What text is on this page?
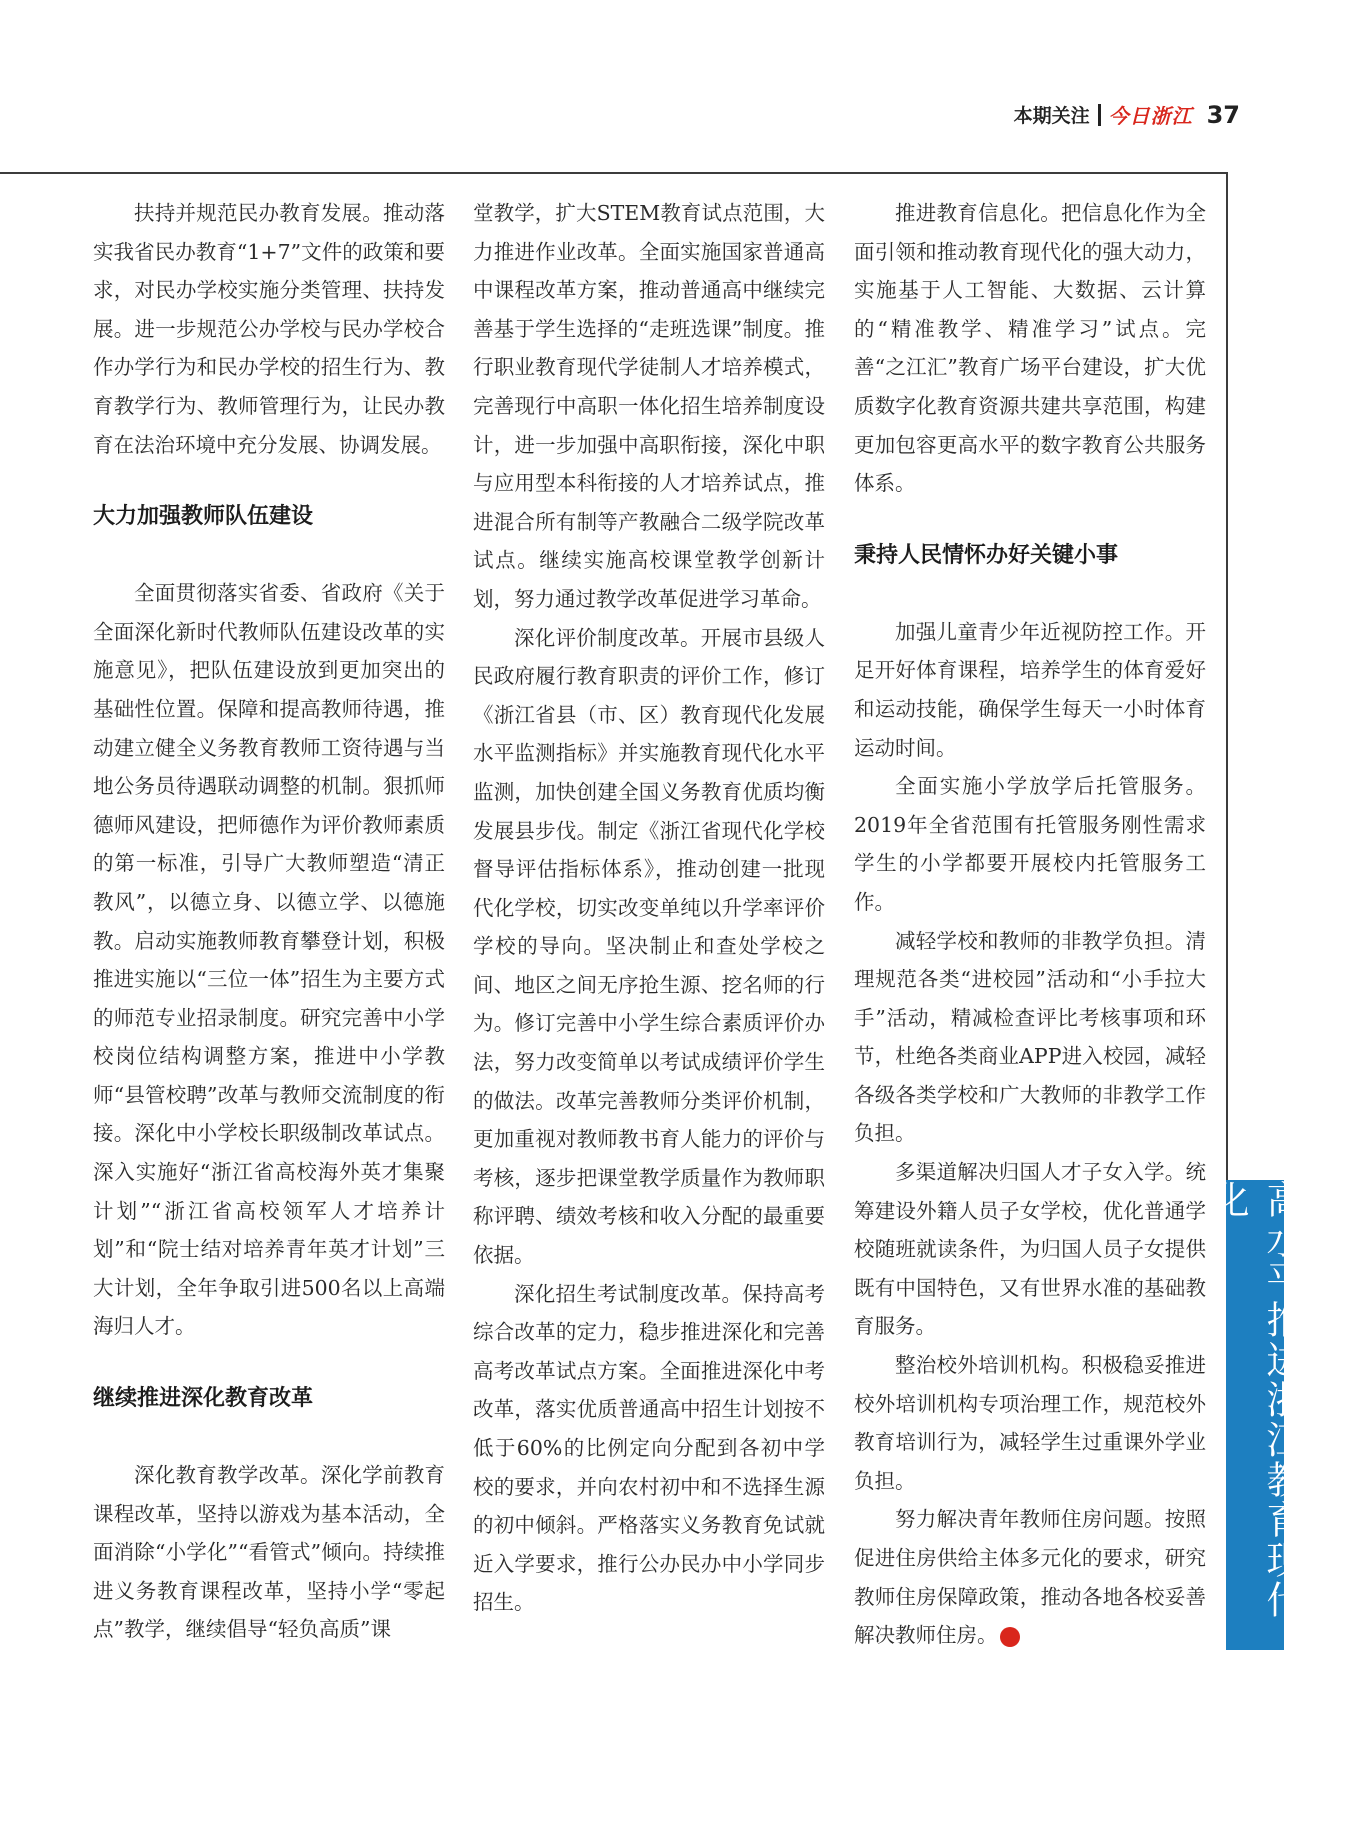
本期关注 今日浙江 37

扶持并规范民办教育发展。推动落实我省民办教育“1+7”文件的政策和要求，对民办学校实施分类管理、扶持发展。进一步规范公办学校与民办学校合作办学行为和民办学校的招生行为、教育教学行为、教师管理行为，让民办教育在法治环境中充分发展、协调发展。

大力加强教师队伍建设

全面贯彻落实省委、省政府《关于全面深化新时代教师队伍建设改革的实施意见》，把队伍建设放到更加突出的基础性位置。保障和提高教师待遇，推动建立健全义务教育教师工资待遇与当地公务员待遇联动调整的机制。狠抓师德师风建设，把师德作为评价教师素质的第一标准，引导广大教师塑造“清正教风”，以德立身、以德立学、以德施教。启动实施教师教育攀登计划，积极推进实施以“三位一体”招生为主要方式的师范专业招录制度。研究完善中小学校岗位结构调整方案，推进中小学教师“县管校聘”改革与教师交流制度的衔接。深化中小学校长职级制改革试点。深入实施好“浙江省高校海外英才集聚计划”“浙江省高校领军人才培养计划”和“院士结对培养青年英才计划”三大计划，全年争取引进500名以上高端海归人才。

继续推进深化教育改革

深化教育教学改革。深化学前教育课程改革，坚持以游戏为基本活动，全面消除“小学化”“看管式”倾向。持续推进义务教育课程改革，坚持小学“零起点”教学，继续倡导“轻负高质”课

堂教学，扩大STEM教育试点范围，大力推进作业改革。全面实施国家普通高中课程改革方案，推动普通高中继续完善基于学生选择的“走班选课”制度。推行职业教育现代学徒制人才培养模式，完善现行中高职一体化招生培养制度设计，进一步加强中高职衔接，深化中职与应用型本科衔接的人才培养试点，推进混合所有制等产教融合二级学院改革试点。继续实施高校课堂教学创新计划，努力通过教学改革促进学习革命。

深化评价制度改革。开展市县级人民政府履行教育职责的评价工作，修订《浙江省县（市、区）教育现代化发展水平监测指标》并实施教育现代化水平监测，加快创建全国义务教育优质均衡发展县步伐。制定《浙江省现代化学校督导评估指标体系》，推动创建一批现代化学校，切实改变单纯以升学率评价学校的导向。坚决制止和查处学校之间、地区之间无序抢生源、挖名师的行为。修订完善中小学生综合素质评价办法，努力改变简单以考试成绩评价学生的做法。改革完善教师分类评价机制，更加重视对教师教书育人能力的评价与考核，逐步把课堂教学质量作为教师职称评聘、绩效考核和收入分配的最重要依据。

深化招生考试制度改革。保持高考综合改革的定力，稳步推进深化和完善高考改革试点方案。全面推进深化中考改革，落实优质普通高中招生计划按不低于60%的比例定向分配到各初中学校的要求，并向农村初中和不选择生源的初中倾斜。严格落实义务教育免试就近入学要求，推行公办民办中小学同步招生。

推进教育信息化。把信息化作为全面引领和推动教育现代化的强大动力，实施基于人工智能、大数据、云计算的“精准教学、精准学习”试点。完善“之江汇”教育广场平台建设，扩大优质数字化教育资源共建共享范围，构建更加包容更高水平的数字教育公共服务体系。

秉持人民情怀办好关键小事

加强儿童青少年近视防控工作。开足开好体育课程，培养学生的体育爱好和运动技能，确保学生每天一小时体育运动时间。

全面实施小学放学后托管服务。2019年全省范围有托管服务刚性需求学生的小学都要开展校内托管服务工作。

减轻学校和教师的非教学负担。清理规范各类“进校园”活动和“小手拉大手”活动，精减检查评比考核事项和环节，杜绝各类商业APP进入校园，减轻各级各类学校和广大教师的非教学工作负担。

多渠道解决归国人才子女入学。统筹建设外籍人员子女学校，优化普通学校随班就读条件，为归国人员子女提供既有中国特色，又有世界水准的基础教育服务。

整治校外培训机构。积极稳妥推进校外培训机构专项治理工作，规范校外教育培训行为，减轻学生过重课外学业负担。

努力解决青年教师住房问题。按照促进住房供给主体多元化的要求，研究教师住房保障政策，推动各地各校妥善解决教师住房。

高水平推进浙江教育现代化
